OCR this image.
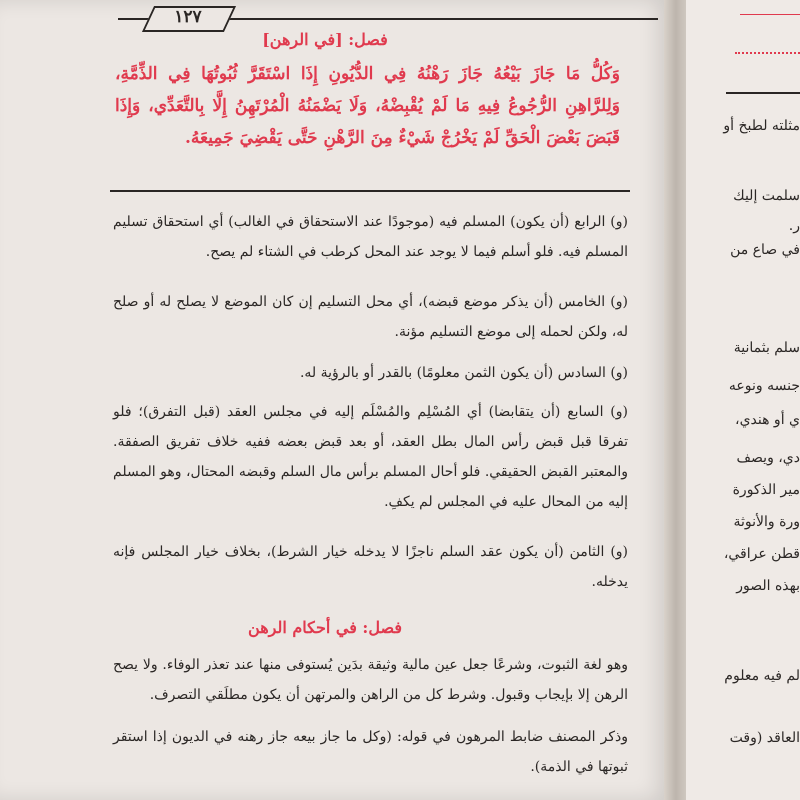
١٢٧
فصل: [في الرهن]
وَكُلُّ مَا جَازَ بَيْعُهُ جَازَ رَهْنُهُ فِي الدُّيُونِ إِذَا اسْتَقَرَّ ثُبُوتُهَا فِي الذِّمَّةِ، وَلِلرَّاهِنِ الرُّجُوعُ فِيهِ مَا لَمْ يُقْبِضْهُ، وَلَا يَضْمَنُهُ الْمُرْتَهِنُ إِلَّا بِالتَّعَدِّي، وَإِذَا قَبَضَ بَعْضَ الْحَقِّ لَمْ يَخْرُجْ شَيْءٌ مِنَ الرَّهْنِ حَتَّى يَقْضِيَ جَمِيعَهُ.
(و) الرابع (أن يكون) المسلم فيه (موجودًا عند الاستحقاق في الغالب) أي استحقاق تسليم المسلم فيه. فلو أسلم فيما لا يوجد عند المحل كرطب في الشتاء لم يصح.
(و) الخامس (أن يذكر موضع قبضه)، أي محل التسليم إن كان الموضع لا يصلح له أو صلح له، ولكن لحمله إلى موضع التسليم مؤنة.
(و) السادس (أن يكون الثمن معلومًا) بالقدر أو بالرؤية له.
(و) السابع (أن يتقابضا) أي المُسْلِم والمُسْلَم إليه في مجلس العقد (قبل التفرق)؛ فلو تفرقا قبل قبض رأس المال بطل العقد، أو بعد قبض بعضه ففيه خلاف تفريق الصفقة. والمعتبر القبض الحقيقي. فلو أحال المسلم برأس مال السلم وقبضه المحتال، وهو المسلم إليه من المحال عليه في المجلس لم يكفِ.
(و) الثامن (أن يكون عقد السلم ناجزًا لا يدخله خيار الشرط)، بخلاف خيار المجلس فإنه يدخله.
فصل: في أحكام الرهن
وهو لغة الثبوت، وشرعًا جعل عين مالية وثيقة بدَين يُستوفى منها عند تعذر الوفاء. ولا يصح الرهن إلا بإيجاب وقبول. وشرط كل من الراهن والمرتهن أن يكون مطلَقي التصرف.
وذكر المصنف ضابط المرهون في قوله: (وكل ما جاز بيعه جاز رهنه في الديون إذا استقر ثبوتها في الذمة).
مثلته لطبخ أو
سلمت إليك
ر.
في صاع من
سلم بثمانية
جنسه ونوعه
ي أو هندي،
دي، ويصف
مير الذكورة
ورة والأنوثة
قطن عراقي،
بهذه الصور
لم فيه معلوم
العاقد (وقت
